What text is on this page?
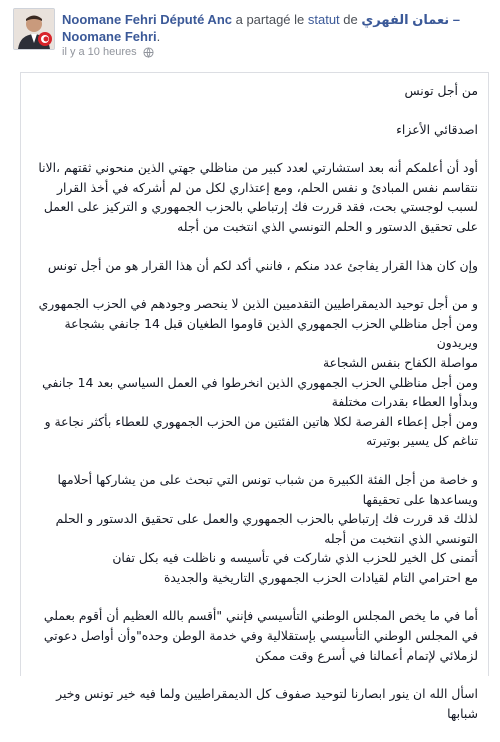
Noomane Fehri Député Anc a partagé le statut de نعمان الفهري – Noomane Fehri.
il y a 10 heures

من أجل تونس

اصدقائي الأعزاء

أود أن أعلمكم أنه بعد استشارتي لعدد كبير من مناظلي جهتي الذين منحوني ثقتهم ،الانا
نتقاسم نفس المبادئ و نفس الحلم، ومع إعتذاري لكل من لم أشركه في أخذ القرار
لسبب لوجستي بحت، فقد قررت فك إرتباطي بالحزب الجمهوري و التركيز على العمل
على تحقيق الدستور و الحلم التونسي الذي انتخبت من أجله

وإن كان هذا القرار يفاجئ عدد منكم ، فانني أكد لكم أن هذا القرار هو من أجل تونس

و من أجل توحيد الديمقراطيين التقدميين الذين لا ينحصر وجودهم في الحزب الجمهوري
ومن أجل مناظلي الحزب الجمهوري الذين قاوموا الطغيان قبل 14 جانفي بشجاعة ويريدون
مواصلة الكفاح بنفس الشجاعة
ومن أجل مناظلي الحزب الجمهوري الذين انخرطوا في العمل السياسي بعد 14 جانفي
وبدأوا العطاء بقدرات مختلفة
ومن أجل إعطاء الفرصة لكلا هاتين الفئتين من الحزب الجمهوري للعطاء بأكثر نجاعة و
تناغم كل يسير بوتيرته

و خاصة من أجل الفئة الكبيرة من شباب تونس التي تبحث على من يشاركها أحلامها
ويساعدها على تحقيقها
لذلك قد قررت فك إرتباطي بالحزب الجمهوري والعمل على تحقيق الدستور و الحلم
التونسي الذي انتخبت من أجله
أتمنى كل الخير للحزب الذي شاركت في تأسيسه و ناظلت فيه بكل تفان
مع احترامي التام لقيادات الحزب الجمهوري التاريخية والجديدة

أما في ما يخص المجلس الوطني التأسيسي فإنني "أقسم بالله العظيم أن أقوم بعملي
في المجلس الوطني التأسيسي بإستقلالية وفي خدمة الوطن وحده"وأن أواصل دعوتي
لزملائي لإتمام أعمالنا في أسرع وقت ممكن

اسأل الله ان ينور ابصارنا لتوحيد صفوف كل الديمقراطيين ولما فيه خير تونس وخير شبابها
